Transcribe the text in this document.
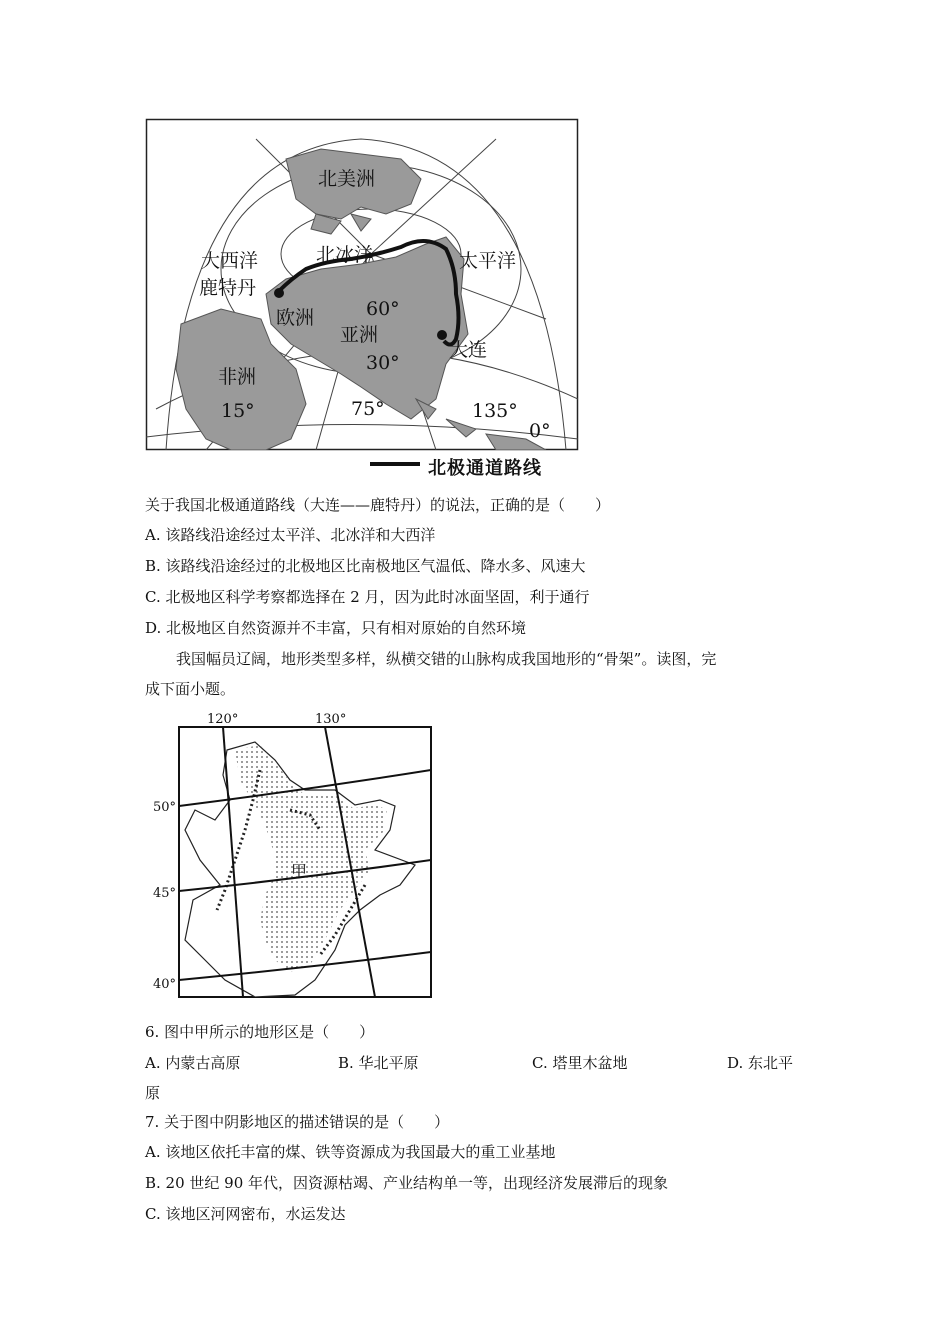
北美洲
大西洋	北冰洋	太平洋
鹿特丹
欧洲
亚洲
非洲
大连
60°
30°
0°
15°	75°	135°
北极通道路线
关于我国北极通道路线（大连——鹿特丹）的说法，正确的是（　　）
A. 该路线沿途经过太平洋、北冰洋和大西洋
B. 该路线沿途经过的北极地区比南极地区气温低、降水多、风速大
C. 北极地区科学考察都选择在 2 月，因为此时冰面坚固，利于通行
D. 北极地区自然资源并不丰富，只有相对原始的自然环境
我国幅员辽阔，地形类型多样，纵横交错的山脉构成我国地形的“骨架”。读图，完
成下面小题。
120°	130°
50°
45°
40°
甲
6. 图中甲所示的地形区是（　　）
A. 内蒙古高原	B. 华北平原	C. 塔里木盆地	D. 东北平
原
7. 关于图中阴影地区的描述错误的是（　　）
A. 该地区依托丰富的煤、铁等资源成为我国最大的重工业基地
B. 20 世纪 90 年代，因资源枯竭、产业结构单一等，出现经济发展滞后的现象
C. 该地区河网密布，水运发达
